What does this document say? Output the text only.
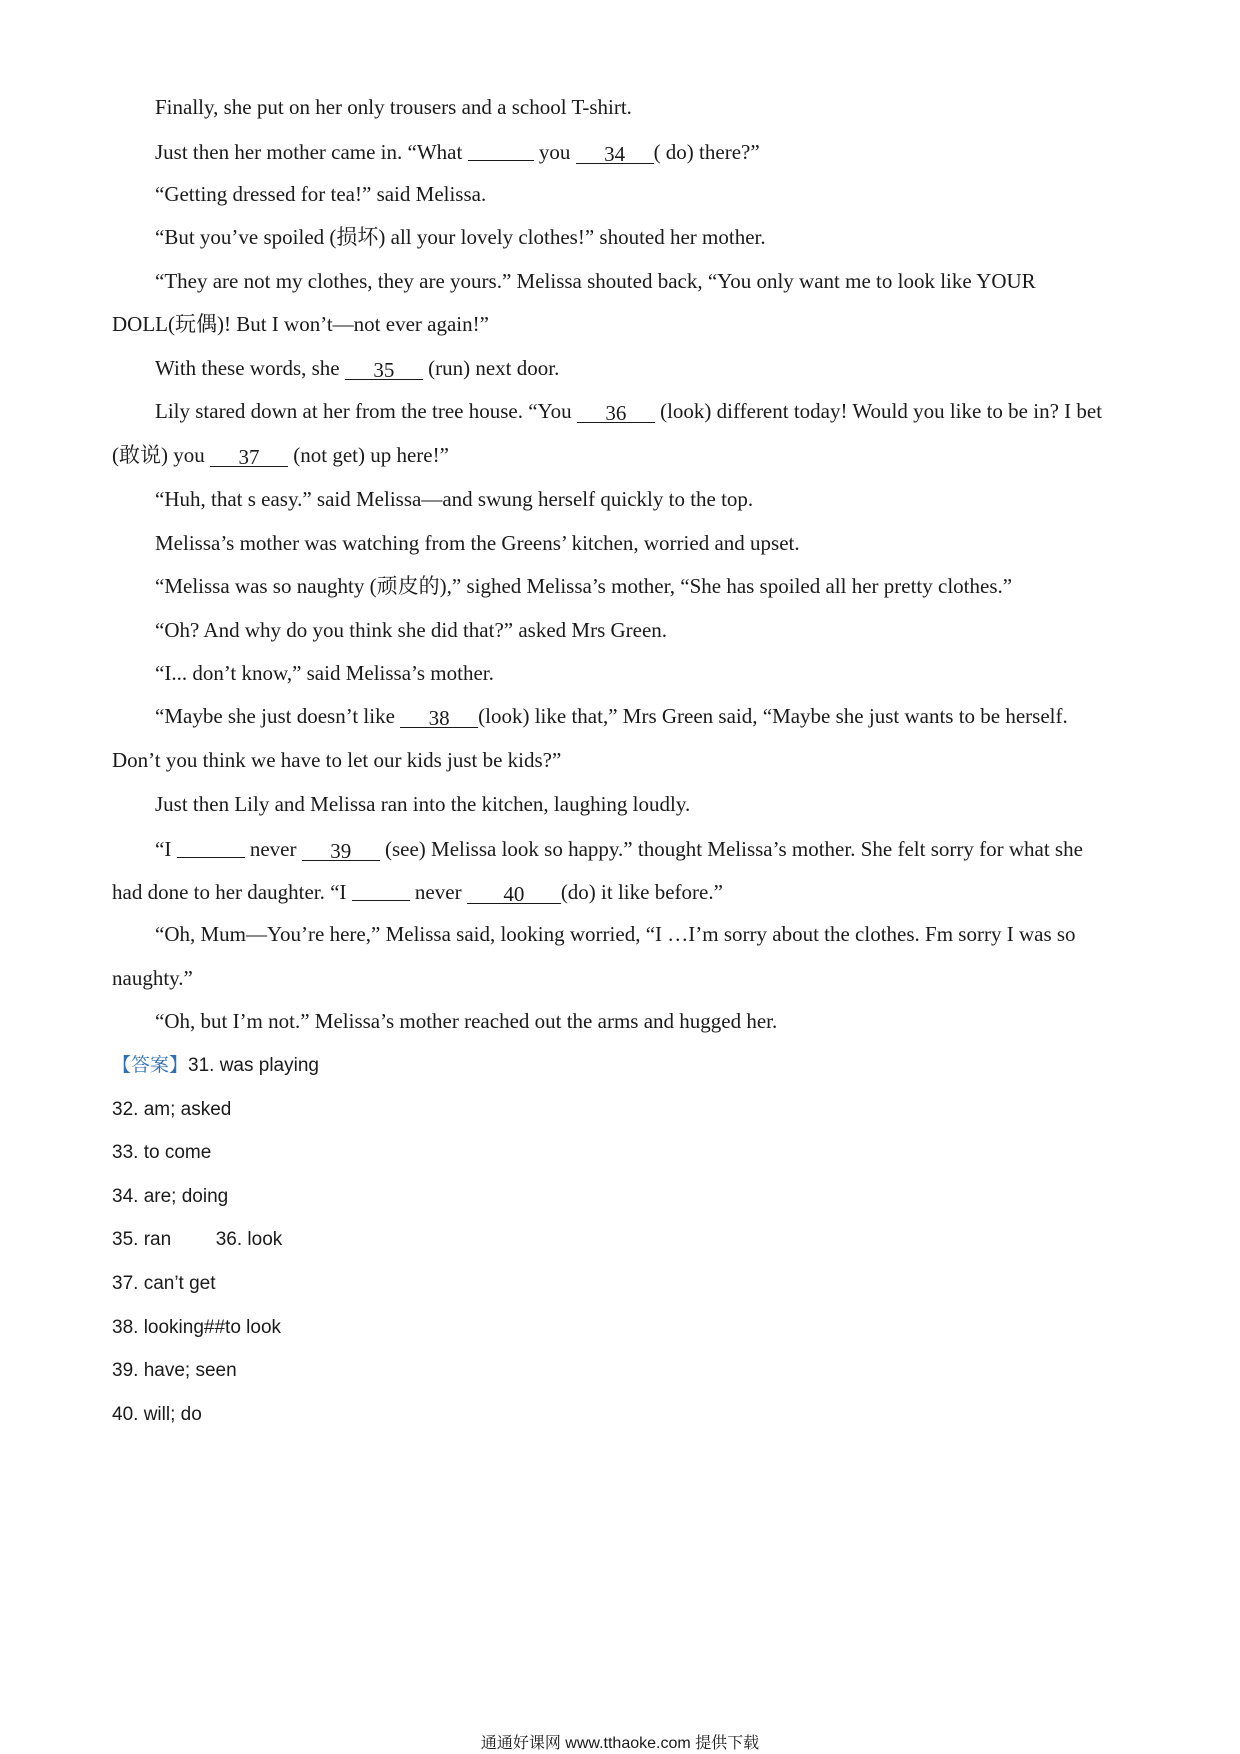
Finally, she put on her only trousers and a school T-shirt.
Just then her mother came in. “What	you 34 ( do) there?”
“Getting dressed for tea!” said Melissa.
“But you’ve spoiled (损坏) all your lovely clothes!” shouted her mother.
“They are not my clothes, they are yours.” Melissa shouted back, “You only want me to look like YOUR
DOLL(玩偶)! But I won’t—not ever again!”
With these words, she 35 (run) next door.
Lily stared down at her from the tree house. “You 36 (look) different today! Would you like to be in? I bet
(敢说) you 37 (not get) up here!”
“Huh, that s easy.” said Melissa—and swung herself quickly to the top.
Melissa’s mother was watching from the Greens’ kitchen, worried and upset.
“Melissa was so naughty (顽皮的),” sighed Melissa’s mother, “She has spoiled all her pretty clothes.”
“Oh? And why do you think she did that?” asked Mrs Green.
“I... don’t know,” said Melissa’s mother.
“Maybe she just doesn’t like 38 (look) like that,” Mrs Green said, “Maybe she just wants to be herself.
Don’t you think we have to let our kids just be kids?”
Just then Lily and Melissa ran into the kitchen, laughing loudly.
“I	never 39 (see) Melissa look so happy.” thought Melissa’s mother. She felt sorry for what she
had done to her daughter. “I	never 40 (do) it like before.”
“Oh, Mum—You’re here,” Melissa said, looking worried, “I …I’m sorry about the clothes. Fm sorry I was so
naughty.”
“Oh, but I’m not.” Melissa’s mother reached out the arms and hugged her.
【答案】31. was playing
32. am; asked
33. to come
34. are; doing
35. ran 36. look
37. can’t get
38. looking##to look
39. have; seen
40. will; do
通通好课网 www.tthaoke.com 提供下载
